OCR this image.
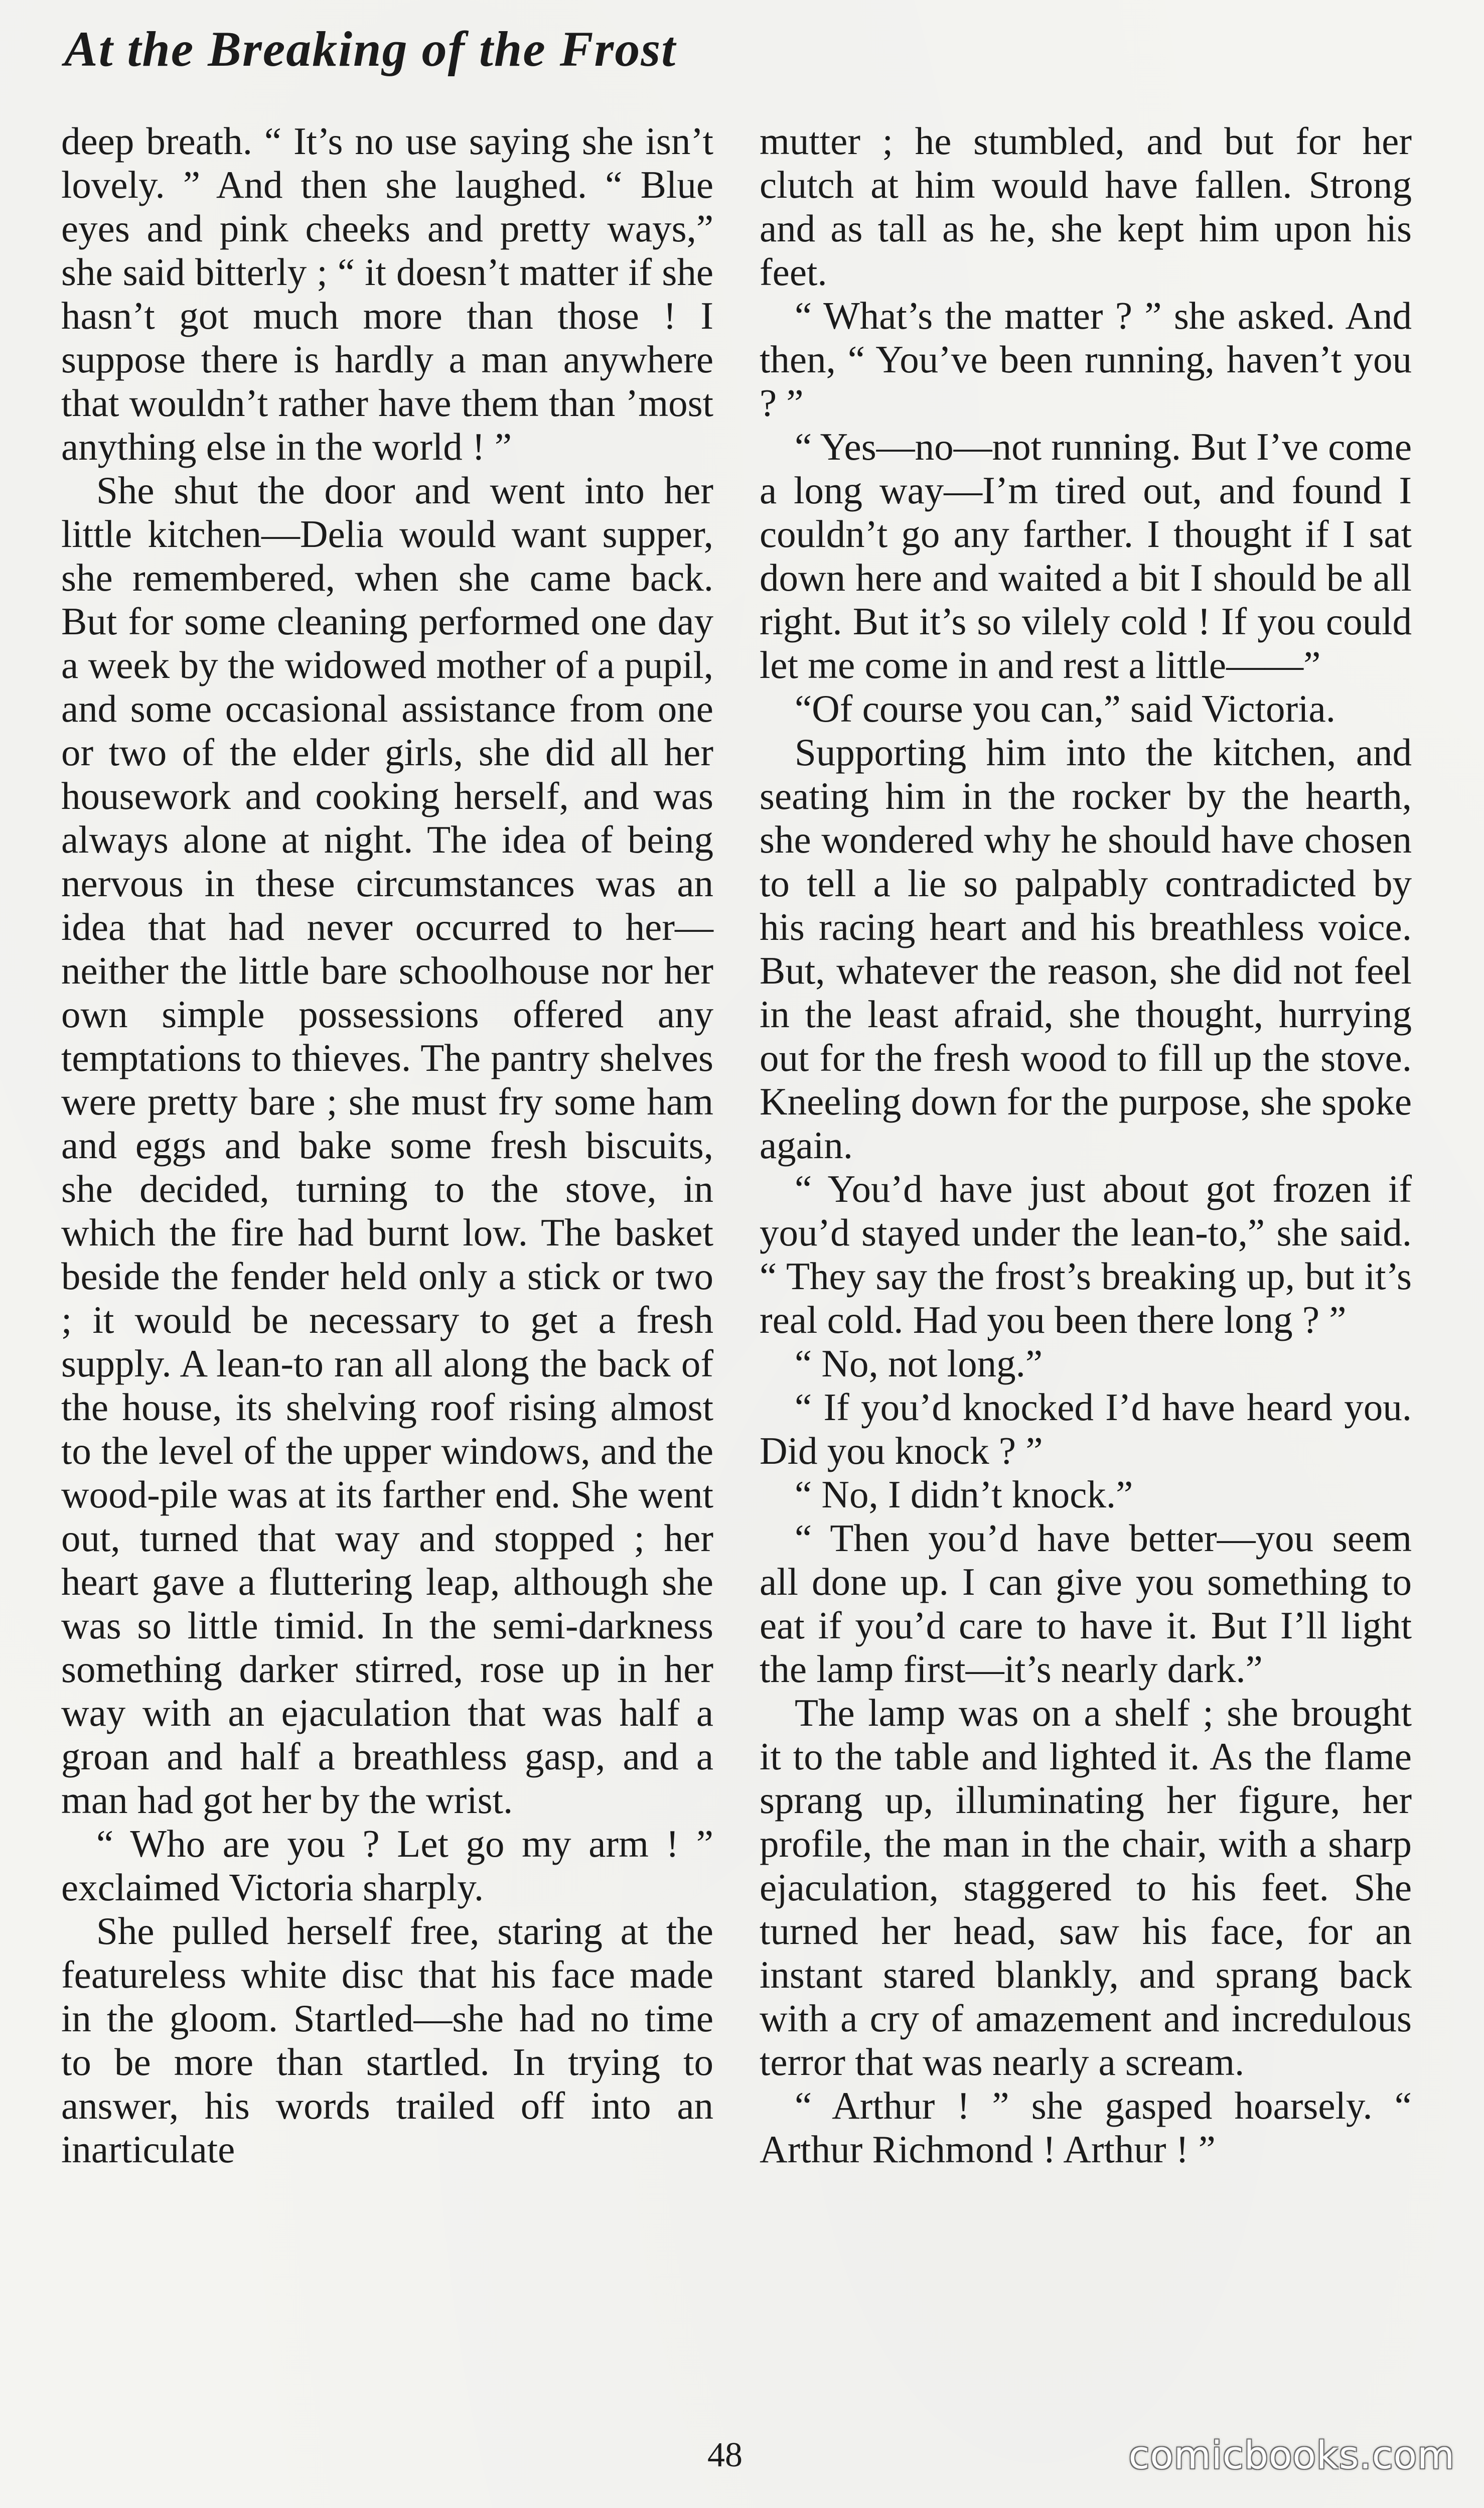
At the Breaking of the Frost

deep breath. “ It’s no use saying she isn’t lovely. ” And then she laughed. “ Blue eyes and pink cheeks and pretty ways,” she said bitterly ; “ it doesn’t matter if she hasn’t got much more than those ! I suppose there is hardly a man anywhere that wouldn’t rather have them than ’most anything else in the world ! ”

She shut the door and went into her little kitchen—Delia would want supper, she remembered, when she came back. But for some cleaning performed one day a week by the widowed mother of a pupil, and some occasional assistance from one or two of the elder girls, she did all her housework and cooking herself, and was always alone at night. The idea of being nervous in these circumstances was an idea that had never occurred to her—neither the little bare schoolhouse nor her own simple possessions offered any temptations to thieves. The pantry shelves were pretty bare ; she must fry some ham and eggs and bake some fresh biscuits, she decided, turning to the stove, in which the fire had burnt low. The basket beside the fender held only a stick or two ; it would be necessary to get a fresh supply. A lean-to ran all along the back of the house, its shelving roof rising almost to the level of the upper windows, and the wood-pile was at its farther end. She went out, turned that way and stopped ; her heart gave a fluttering leap, although she was so little timid. In the semi-darkness something darker stirred, rose up in her way with an ejaculation that was half a groan and half a breathless gasp, and a man had got her by the wrist.

“ Who are you ? Let go my arm ! ” exclaimed Victoria sharply.

She pulled herself free, staring at the featureless white disc that his face made in the gloom. Startled—she had no time to be more than startled. In trying to answer, his words trailed off into an inarticulate

mutter ; he stumbled, and but for her clutch at him would have fallen. Strong and as tall as he, she kept him upon his feet.

“ What’s the matter ? ” she asked. And then, “ You’ve been running, haven’t you ? ”

“ Yes—no—not running. But I’ve come a long way—I’m tired out, and found I couldn’t go any farther. I thought if I sat down here and waited a bit I should be all right. But it’s so vilely cold ! If you could let me come in and rest a little——”

“Of course you can,” said Victoria.

Supporting him into the kitchen, and seating him in the rocker by the hearth, she wondered why he should have chosen to tell a lie so palpably contradicted by his racing heart and his breathless voice. But, whatever the reason, she did not feel in the least afraid, she thought, hurrying out for the fresh wood to fill up the stove. Kneeling down for the purpose, she spoke again.

“ You’d have just about got frozen if you’d stayed under the lean-to,” she said. “ They say the frost’s breaking up, but it’s real cold. Had you been there long ? ”

“ No, not long.”

“ If you’d knocked I’d have heard you. Did you knock ? ”

“ No, I didn’t knock.”

“ Then you’d have better—you seem all done up. I can give you something to eat if you’d care to have it. But I’ll light the lamp first—it’s nearly dark.”

The lamp was on a shelf ; she brought it to the table and lighted it. As the flame sprang up, illuminating her figure, her profile, the man in the chair, with a sharp ejaculation, staggered to his feet. She turned her head, saw his face, for an instant stared blankly, and sprang back with a cry of amazement and incredulous terror that was nearly a scream.

“ Arthur ! ” she gasped hoarsely. “ Arthur Richmond ! Arthur ! ”

48	comicbooks.com
